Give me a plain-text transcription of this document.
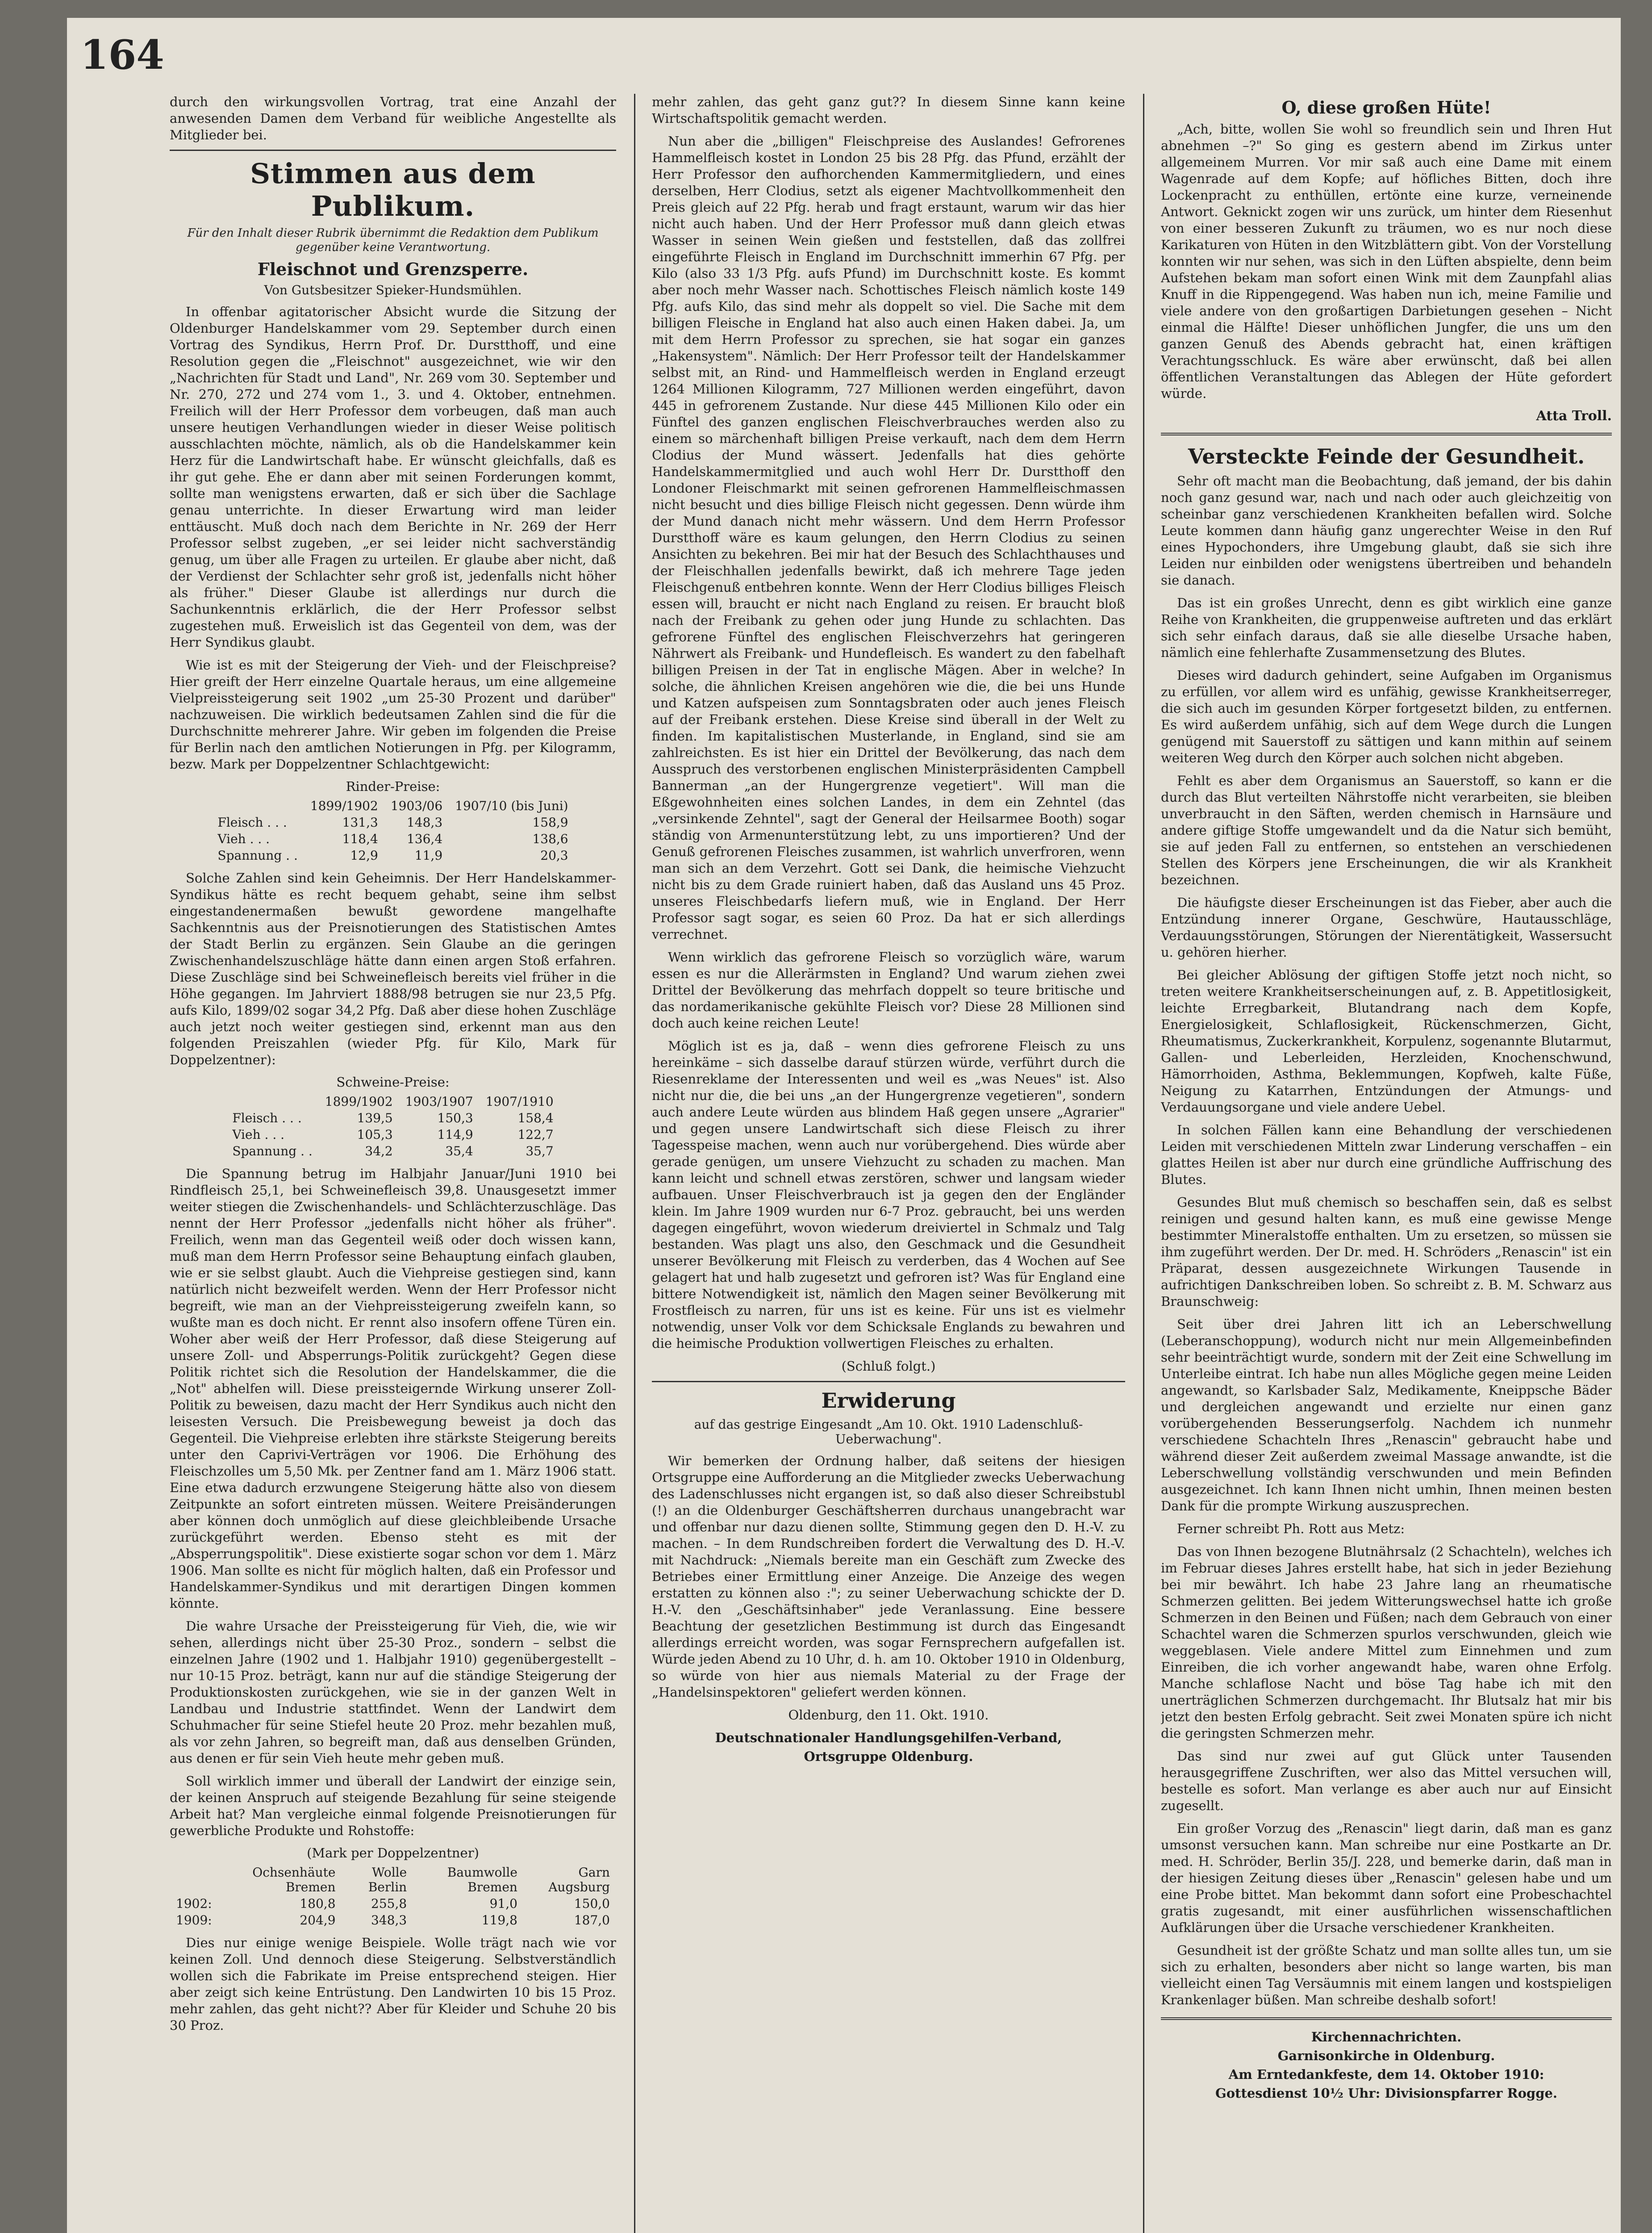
164

durch den wirkungsvollen Vortrag, trat eine Anzahl der anwesenden Damen dem Verband für weibliche Angestellte als Mitglieder bei.

Stimmen aus dem Publikum.
Für den Inhalt dieser Rubrik übernimmt die Redaktion dem Publikum gegenüber keine Verantwortung.
Fleischnot und Grenzsperre.
Von Gutsbesitzer Spieker-Hundsmühlen.

In offenbar agitatorischer Absicht wurde die Sitzung der Oldenburger Handelskammer vom 29. September durch einen Vortrag des Syndikus, Herrn Prof. Dr. Durstthoff, und eine Resolution gegen die „Fleischnot" ausgezeichnet, wie wir den „Nachrichten für Stadt und Land", Nr. 269 vom 30. September und Nr. 270, 272 und 274 vom 1., 3. und 4. Oktober, entnehmen. Freilich will der Herr Professor dem vorbeugen, daß man auch unsere heutigen Verhandlungen wieder in dieser Weise politisch ausschlachten möchte, nämlich, als ob die Handelskammer kein Herz für die Landwirtschaft habe. Er wünscht gleichfalls, daß es ihr gut gehe. Ehe er dann aber mit seinen Forderungen kommt, sollte man wenigstens erwarten, daß er sich über die Sachlage genau unterrichte. In dieser Erwartung wird man leider enttäuscht. Muß doch nach dem Berichte in Nr. 269 der Herr Professor selbst zugeben, „er sei leider nicht sachverständig genug, um über alle Fragen zu urteilen. Er glaube aber nicht, daß der Verdienst der Schlachter sehr groß ist, jedenfalls nicht höher als früher." Dieser Glaube ist allerdings nur durch die Sachunkenntnis erklärlich, die der Herr Professor selbst zugestehen muß. Erweislich ist das Gegenteil von dem, was der Herr Syndikus glaubt.

Wie ist es mit der Steigerung der Vieh- und der Fleischpreise? Hier greift der Herr einzelne Quartale heraus, um eine allgemeine Vielpreissteigerung seit 1902 „um 25-30 Prozent und darüber" nachzuweisen. Die wirklich bedeutsamen Zahlen sind die für die Durchschnitte mehrerer Jahre. Wir geben im folgenden die Preise für Berlin nach den amtlichen Notierungen in Pfg. per Kilogramm, bezw. Mark per Doppelzentner Schlachtgewicht:

Rinder-Preise:
	1899/1902	1903/06	1907/10 (bis Juni)
Fleisch . . .	131,3	148,3	158,9
Vieh . . .	118,4	136,4	138,6
Spannung . .	12,9	11,9	20,3

Solche Zahlen sind kein Geheimnis. Der Herr Handelskammer-Syndikus hätte es recht bequem gehabt, seine ihm selbst eingestandenermaßen bewußt gewordene mangelhafte Sachkenntnis aus der Preisnotierungen des Statistischen Amtes der Stadt Berlin zu ergänzen. Sein Glaube an die geringen Zwischenhandelszuschläge hätte dann einen argen Stoß erfahren. Diese Zuschläge sind bei Schweinefleisch bereits viel früher in die Höhe gegangen. Im Jahrviert 1888/98 betrugen sie nur 23,5 Pfg. aufs Kilo, 1899/02 sogar 34,2 Pfg. Daß aber diese hohen Zuschläge auch jetzt noch weiter gestiegen sind, erkennt man aus den folgenden Preiszahlen (wieder Pfg. für Kilo, Mark für Doppelzentner):

Schweine-Preise:
	1899/1902	1903/1907	1907/1910
Fleisch . . .	139,5	150,3	158,4
Vieh . . .	105,3	114,9	122,7
Spannung . .	34,2	35,4	35,7

Die Spannung betrug im Halbjahr Januar/Juni 1910 bei Rindfleisch 25,1, bei Schweinefleisch 39,8. Unausgesetzt immer weiter stiegen die Zwischenhandels- und Schlächterzuschläge. Das nennt der Herr Professor „jedenfalls nicht höher als früher". Freilich, wenn man das Gegenteil weiß oder doch wissen kann, muß man dem Herrn Professor seine Behauptung einfach glauben, wie er sie selbst glaubt. Auch die Viehpreise gestiegen sind, kann natürlich nicht bezweifelt werden. Wenn der Herr Professor nicht begreift, wie man an der Viehpreissteigerung zweifeln kann, so wußte man es doch nicht. Er rennt also insofern offene Türen ein. Woher aber weiß der Herr Professor, daß diese Steigerung auf unsere Zoll- und Absperrungs-Politik zurückgeht? Gegen diese Politik richtet sich die Resolution der Handelskammer, die die „Not" abhelfen will. Diese preissteigernde Wirkung unserer Zoll-Politik zu beweisen, dazu macht der Herr Syndikus auch nicht den leisesten Versuch. Die Preisbewegung beweist ja doch das Gegenteil. Die Viehpreise erlebten ihre stärkste Steigerung bereits unter den Caprivi-Verträgen vor 1906. Die Erhöhung des Fleischzolles um 5,50 Mk. per Zentner fand am 1. März 1906 statt. Eine etwa dadurch erzwungene Steigerung hätte also von diesem Zeitpunkte an sofort eintreten müssen. Weitere Preisänderungen aber können doch unmöglich auf diese gleichbleibende Ursache zurückgeführt werden. Ebenso steht es mit der „Absperrungspolitik". Diese existierte sogar schon vor dem 1. März 1906. Man sollte es nicht für möglich halten, daß ein Professor und Handelskammer-Syndikus und mit derartigen Dingen kommen könnte.

Die wahre Ursache der Preissteigerung für Vieh, die, wie wir sehen, allerdings nicht über 25-30 Proz., sondern – selbst die einzelnen Jahre (1902 und 1. Halbjahr 1910) gegenübergestellt – nur 10-15 Proz. beträgt, kann nur auf die ständige Steigerung der Produktionskosten zurückgehen, wie sie in der ganzen Welt in Landbau und Industrie stattfindet. Wenn der Landwirt dem Schuhmacher für seine Stiefel heute 20 Proz. mehr bezahlen muß, als vor zehn Jahren, so begreift man, daß aus denselben Gründen, aus denen er für sein Vieh heute mehr geben muß.

Soll wirklich immer und überall der Landwirt der einzige sein, der keinen Anspruch auf steigende Bezahlung für seine steigende Arbeit hat? Man vergleiche einmal folgende Preisnotierungen für gewerbliche Produkte und Rohstoffe:

(Mark per Doppelzentner)
	Ochsenhäute Bremen	Wolle Berlin	Baumwolle Bremen	Garn Augsburg
1902:	180,8	255,8	91,0	150,0
1909:	204,9	348,3	119,8	187,0

Dies nur einige wenige Beispiele. Wolle trägt nach wie vor keinen Zoll. Und dennoch diese Steigerung. Selbstverständlich wollen sich die Fabrikate im Preise entsprechend steigen. Hier aber zeigt sich keine Entrüstung. Den Landwirten 10 bis 15 Proz. mehr zahlen, das geht nicht?? Aber für Kleider und Schuhe 20 bis 30 Proz.

mehr zahlen, das geht ganz gut?? In diesem Sinne kann keine Wirtschaftspolitik gemacht werden.

Nun aber die „billigen" Fleischpreise des Auslandes! Gefrorenes Hammelfleisch kostet in London 25 bis 28 Pfg. das Pfund, erzählt der Herr Professor den aufhorchenden Kammermitgliedern, und eines derselben, Herr Clodius, setzt als eigener Machtvollkommenheit den Preis gleich auf 22 Pfg. herab und fragt erstaunt, warum wir das hier nicht auch haben. Und der Herr Professor muß dann gleich etwas Wasser in seinen Wein gießen und feststellen, daß das zollfrei eingeführte Fleisch in England im Durchschnitt immerhin 67 Pfg. per Kilo (also 33 1/3 Pfg. aufs Pfund) im Durchschnitt koste. Es kommt aber noch mehr Wasser nach. Schottisches Fleisch nämlich koste 149 Pfg. aufs Kilo, das sind mehr als doppelt so viel. Die Sache mit dem billigen Fleische in England hat also auch einen Haken dabei. Ja, um mit dem Herrn Professor zu sprechen, sie hat sogar ein ganzes „Hakensystem". Nämlich: Der Herr Professor teilt der Handelskammer selbst mit, an Rind- und Hammelfleisch werden in England erzeugt 1264 Millionen Kilogramm, 727 Millionen werden eingeführt, davon 445 in gefrorenem Zustande. Nur diese 445 Millionen Kilo oder ein Fünftel des ganzen englischen Fleischverbrauches werden also zu einem so märchenhaft billigen Preise verkauft, nach dem dem Herrn Clodius der Mund wässert. Jedenfalls hat dies gehörte Handelskammermitglied und auch wohl Herr Dr. Durstthoff den Londoner Fleischmarkt mit seinen gefrorenen Hammelfleischmassen nicht besucht und dies billige Fleisch nicht gegessen. Denn würde ihm der Mund danach nicht mehr wässern. Und dem Herrn Professor Durstthoff wäre es kaum gelungen, den Herrn Clodius zu seinen Ansichten zu bekehren. Bei mir hat der Besuch des Schlachthauses und der Fleischhallen jedenfalls bewirkt, daß ich mehrere Tage jeden Fleischgenuß entbehren konnte. Wenn der Herr Clodius billiges Fleisch essen will, braucht er nicht nach England zu reisen. Er braucht bloß nach der Freibank zu gehen oder jung Hunde zu schlachten. Das gefrorene Fünftel des englischen Fleischverzehrs hat geringeren Nährwert als Freibank- und Hundefleisch. Es wandert zu den fabelhaft billigen Preisen in der Tat in englische Mägen. Aber in welche? In solche, die ähnlichen Kreisen angehören wie die, die bei uns Hunde und Katzen aufspeisen zum Sonntagsbraten oder auch jenes Fleisch auf der Freibank erstehen. Diese Kreise sind überall in der Welt zu finden. Im kapitalistischen Musterlande, in England, sind sie am zahlreichsten. Es ist hier ein Drittel der Bevölkerung, das nach dem Ausspruch des verstorbenen englischen Ministerpräsidenten Campbell Bannerman „an der Hungergrenze vegetiert". Will man die Eßgewohnheiten eines solchen Landes, in dem ein Zehntel (das „versinkende Zehntel", sagt der General der Heilsarmee Booth) sogar ständig von Armenunterstützung lebt, zu uns importieren? Und der Genuß gefrorenen Fleisches zusammen, ist wahrlich unverfroren, wenn man sich an dem Verzehrt. Gott sei Dank, die heimische Viehzucht nicht bis zu dem Grade ruiniert haben, daß das Ausland uns 45 Proz. unseres Fleischbedarfs liefern muß, wie in England. Der Herr Professor sagt sogar, es seien 60 Proz. Da hat er sich allerdings verrechnet.

Wenn wirklich das gefrorene Fleisch so vorzüglich wäre, warum essen es nur die Allerärmsten in England? Und warum ziehen zwei Drittel der Bevölkerung das mehrfach doppelt so teure britische und das nordamerikanische gekühlte Fleisch vor? Diese 28 Millionen sind doch auch keine reichen Leute!

Möglich ist es ja, daß – wenn dies gefrorene Fleisch zu uns hereinkäme – sich dasselbe darauf stürzen würde, verführt durch die Riesenreklame der Interessenten und weil es „was Neues" ist. Also nicht nur die, die bei uns „an der Hungergrenze vegetieren", sondern auch andere Leute würden aus blindem Haß gegen unsere „Agrarier" und gegen unsere Landwirtschaft sich diese Fleisch zu ihrer Tagesspeise machen, wenn auch nur vorübergehend. Dies würde aber gerade genügen, um unsere Viehzucht zu schaden zu machen. Man kann leicht und schnell etwas zerstören, schwer und langsam wieder aufbauen. Unser Fleischverbrauch ist ja gegen den der Engländer klein. Im Jahre 1909 wurden nur 6-7 Proz. gebraucht, bei uns werden dagegen eingeführt, wovon wiederum dreiviertel in Schmalz und Talg bestanden. Was plagt uns also, den Geschmack und die Gesundheit unserer Bevölkerung mit Fleisch zu verderben, das 4 Wochen auf See gelagert hat und halb zugesetzt und gefroren ist? Was für England eine bittere Notwendigkeit ist, nämlich den Magen seiner Bevölkerung mit Frostfleisch zu narren, für uns ist es keine. Für uns ist es vielmehr notwendig, unser Volk vor dem Schicksale Englands zu bewahren und die heimische Produktion vollwertigen Fleisches zu erhalten.

(Schluß folgt.)

Erwiderung
auf das gestrige Eingesandt „Am 10. Okt. 1910 Ladenschluß-Ueberwachung".

Wir bemerken der Ordnung halber, daß seitens der hiesigen Ortsgruppe eine Aufforderung an die Mitglieder zwecks Ueberwachung des Ladenschlusses nicht ergangen ist, so daß also dieser Schreibstubl (!) an die Oldenburger Geschäftsherren durchaus unangebracht war und offenbar nur dazu dienen sollte, Stimmung gegen den D. H.-V. zu machen. – In dem Rundschreiben fordert die Verwaltung des D. H.-V. mit Nachdruck: „Niemals bereite man ein Geschäft zum Zwecke des Betriebes einer Ermittlung einer Anzeige. Die Anzeige des wegen erstatten zu können also :"; zu seiner Ueberwachung schickte der D. H.-V. den „Geschäftsinhaber" jede Veranlassung. Eine bessere Beachtung der gesetzlichen Bestimmung ist durch das Eingesandt allerdings erreicht worden, was sogar Fernsprechern aufgefallen ist. Würde jeden Abend zu 10 Uhr, d. h. am 10. Oktober 1910 in Oldenburg, so würde von hier aus niemals Material zu der Frage der „Handelsinspektoren" geliefert werden können.

Oldenburg, den 11. Okt. 1910.

Deutschnationaler Handlungsgehilfen-Verband,
Ortsgruppe Oldenburg.
O, diese großen Hüte!

„Ach, bitte, wollen Sie wohl so freundlich sein und Ihren Hut abnehmen –?" So ging es gestern abend im Zirkus unter allgemeinem Murren. Vor mir saß auch eine Dame mit einem Wagenrade auf dem Kopfe; auf höfliches Bitten, doch ihre Lockenpracht zu enthüllen, ertönte eine kurze, verneinende Antwort. Geknickt zogen wir uns zurück, um hinter dem Riesenhut von einer besseren Zukunft zu träumen, wo es nur noch diese Karikaturen von Hüten in den Witzblättern gibt. Von der Vorstellung konnten wir nur sehen, was sich in den Lüften abspielte, denn beim Aufstehen bekam man sofort einen Wink mit dem Zaunpfahl alias Knuff in die Rippengegend. Was haben nun ich, meine Familie und viele andere von den großartigen Darbietungen gesehen – Nicht einmal die Hälfte! Dieser unhöflichen Jungfer, die uns um den ganzen Genuß des Abends gebracht hat, einen kräftigen Verachtungsschluck. Es wäre aber erwünscht, daß bei allen öffentlichen Veranstaltungen das Ablegen der Hüte gefordert würde.

Atta Troll.
Versteckte Feinde der Gesundheit.

Sehr oft macht man die Beobachtung, daß jemand, der bis dahin noch ganz gesund war, nach und nach oder auch gleichzeitig von scheinbar ganz verschiedenen Krankheiten befallen wird. Solche Leute kommen dann häufig ganz ungerechter Weise in den Ruf eines Hypochonders, ihre Umgebung glaubt, daß sie sich ihre Leiden nur einbilden oder wenigstens übertreiben und behandeln sie danach.

Das ist ein großes Unrecht, denn es gibt wirklich eine ganze Reihe von Krankheiten, die gruppenweise auftreten und das erklärt sich sehr einfach daraus, daß sie alle dieselbe Ursache haben, nämlich eine fehlerhafte Zusammensetzung des Blutes.

Dieses wird dadurch gehindert, seine Aufgaben im Organismus zu erfüllen, vor allem wird es unfähig, gewisse Krankheitserreger, die sich auch im gesunden Körper fortgesetzt bilden, zu entfernen. Es wird außerdem unfähig, sich auf dem Wege durch die Lungen genügend mit Sauerstoff zu sättigen und kann mithin auf seinem weiteren Weg durch den Körper auch solchen nicht abgeben.

Fehlt es aber dem Organismus an Sauerstoff, so kann er die durch das Blut verteilten Nährstoffe nicht verarbeiten, sie bleiben unverbraucht in den Säften, werden chemisch in Harnsäure und andere giftige Stoffe umgewandelt und da die Natur sich bemüht, sie auf jeden Fall zu entfernen, so entstehen an verschiedenen Stellen des Körpers jene Erscheinungen, die wir als Krankheit bezeichnen.

Die häufigste dieser Erscheinungen ist das Fieber, aber auch die Entzündung innerer Organe, Geschwüre, Hautausschläge, Verdauungsstörungen, Störungen der Nierentätigkeit, Wassersucht u. gehören hierher.

Bei gleicher Ablösung der giftigen Stoffe jetzt noch nicht, so treten weitere Krankheitserscheinungen auf, z. B. Appetitlosigkeit, leichte Erregbarkeit, Blutandrang nach dem Kopfe, Energielosigkeit, Schlaflosigkeit, Rückenschmerzen, Gicht, Rheumatismus, Zuckerkrankheit, Korpulenz, sogenannte Blutarmut, Gallen- und Leberleiden, Herzleiden, Knochenschwund, Hämorrhoiden, Asthma, Beklemmungen, Kopfweh, kalte Füße, Neigung zu Katarrhen, Entzündungen der Atmungs- und Verdauungsorgane und viele andere Uebel.

In solchen Fällen kann eine Behandlung der verschiedenen Leiden mit verschiedenen Mitteln zwar Linderung verschaffen – ein glattes Heilen ist aber nur durch eine gründliche Auffrischung des Blutes.

Gesundes Blut muß chemisch so beschaffen sein, daß es selbst reinigen und gesund halten kann, es muß eine gewisse Menge bestimmter Mineralstoffe enthalten. Um zu ersetzen, so müssen sie ihm zugeführt werden. Der Dr. med. H. Schröders „Renascin" ist ein Präparat, dessen ausgezeichnete Wirkungen Tausende in aufrichtigen Dankschreiben loben. So schreibt z. B. M. Schwarz aus Braunschweig:

Seit über drei Jahren litt ich an Leberschwellung (Leberanschoppung), wodurch nicht nur mein Allgemeinbefinden sehr beeinträchtigt wurde, sondern mit der Zeit eine Schwellung im Unterleibe eintrat. Ich habe nun alles Mögliche gegen meine Leiden angewandt, so Karlsbader Salz, Medikamente, Kneippsche Bäder und dergleichen angewandt und erzielte nur einen ganz vorübergehenden Besserungserfolg. Nachdem ich nunmehr verschiedene Schachteln Ihres „Renascin" gebraucht habe und während dieser Zeit außerdem zweimal Massage anwandte, ist die Leberschwellung vollständig verschwunden und mein Befinden ausgezeichnet. Ich kann Ihnen nicht umhin, Ihnen meinen besten Dank für die prompte Wirkung auszusprechen.

Ferner schreibt Ph. Rott aus Metz:

Das von Ihnen bezogene Blutnährsalz (2 Schachteln), welches ich im Februar dieses Jahres erstellt habe, hat sich in jeder Beziehung bei mir bewährt. Ich habe 23 Jahre lang an rheumatische Schmerzen gelitten. Bei jedem Witterungswechsel hatte ich große Schmerzen in den Beinen und Füßen; nach dem Gebrauch von einer Schachtel waren die Schmerzen spurlos verschwunden, gleich wie weggeblasen. Viele andere Mittel zum Einnehmen und zum Einreiben, die ich vorher angewandt habe, waren ohne Erfolg. Manche schlaflose Nacht und böse Tag habe ich mit den unerträglichen Schmerzen durchgemacht. Ihr Blutsalz hat mir bis jetzt den besten Erfolg gebracht. Seit zwei Monaten spüre ich nicht die geringsten Schmerzen mehr.

Das sind nur zwei auf gut Glück unter Tausenden herausgegriffene Zuschriften, wer also das Mittel versuchen will, bestelle es sofort. Man verlange es aber auch nur auf Einsicht zugesellt.

Ein großer Vorzug des „Renascin" liegt darin, daß man es ganz umsonst versuchen kann. Man schreibe nur eine Postkarte an Dr. med. H. Schröder, Berlin 35/J. 228, und bemerke darin, daß man in der hiesigen Zeitung dieses über „Renascin" gelesen habe und um eine Probe bittet. Man bekommt dann sofort eine Probeschachtel gratis zugesandt, mit einer ausführlichen wissenschaftlichen Aufklärungen über die Ursache verschiedener Krankheiten.

Gesundheit ist der größte Schatz und man sollte alles tun, um sie sich zu erhalten, besonders aber nicht so lange warten, bis man vielleicht einen Tag Versäumnis mit einem langen und kostspieligen Krankenlager büßen. Man schreibe deshalb sofort!

Kirchennachrichten.
Garnisonkirche in Oldenburg.
Am Erntedankfeste, dem 14. Oktober 1910:
Gottesdienst 10½ Uhr: Divisionspfarrer Rogge.
